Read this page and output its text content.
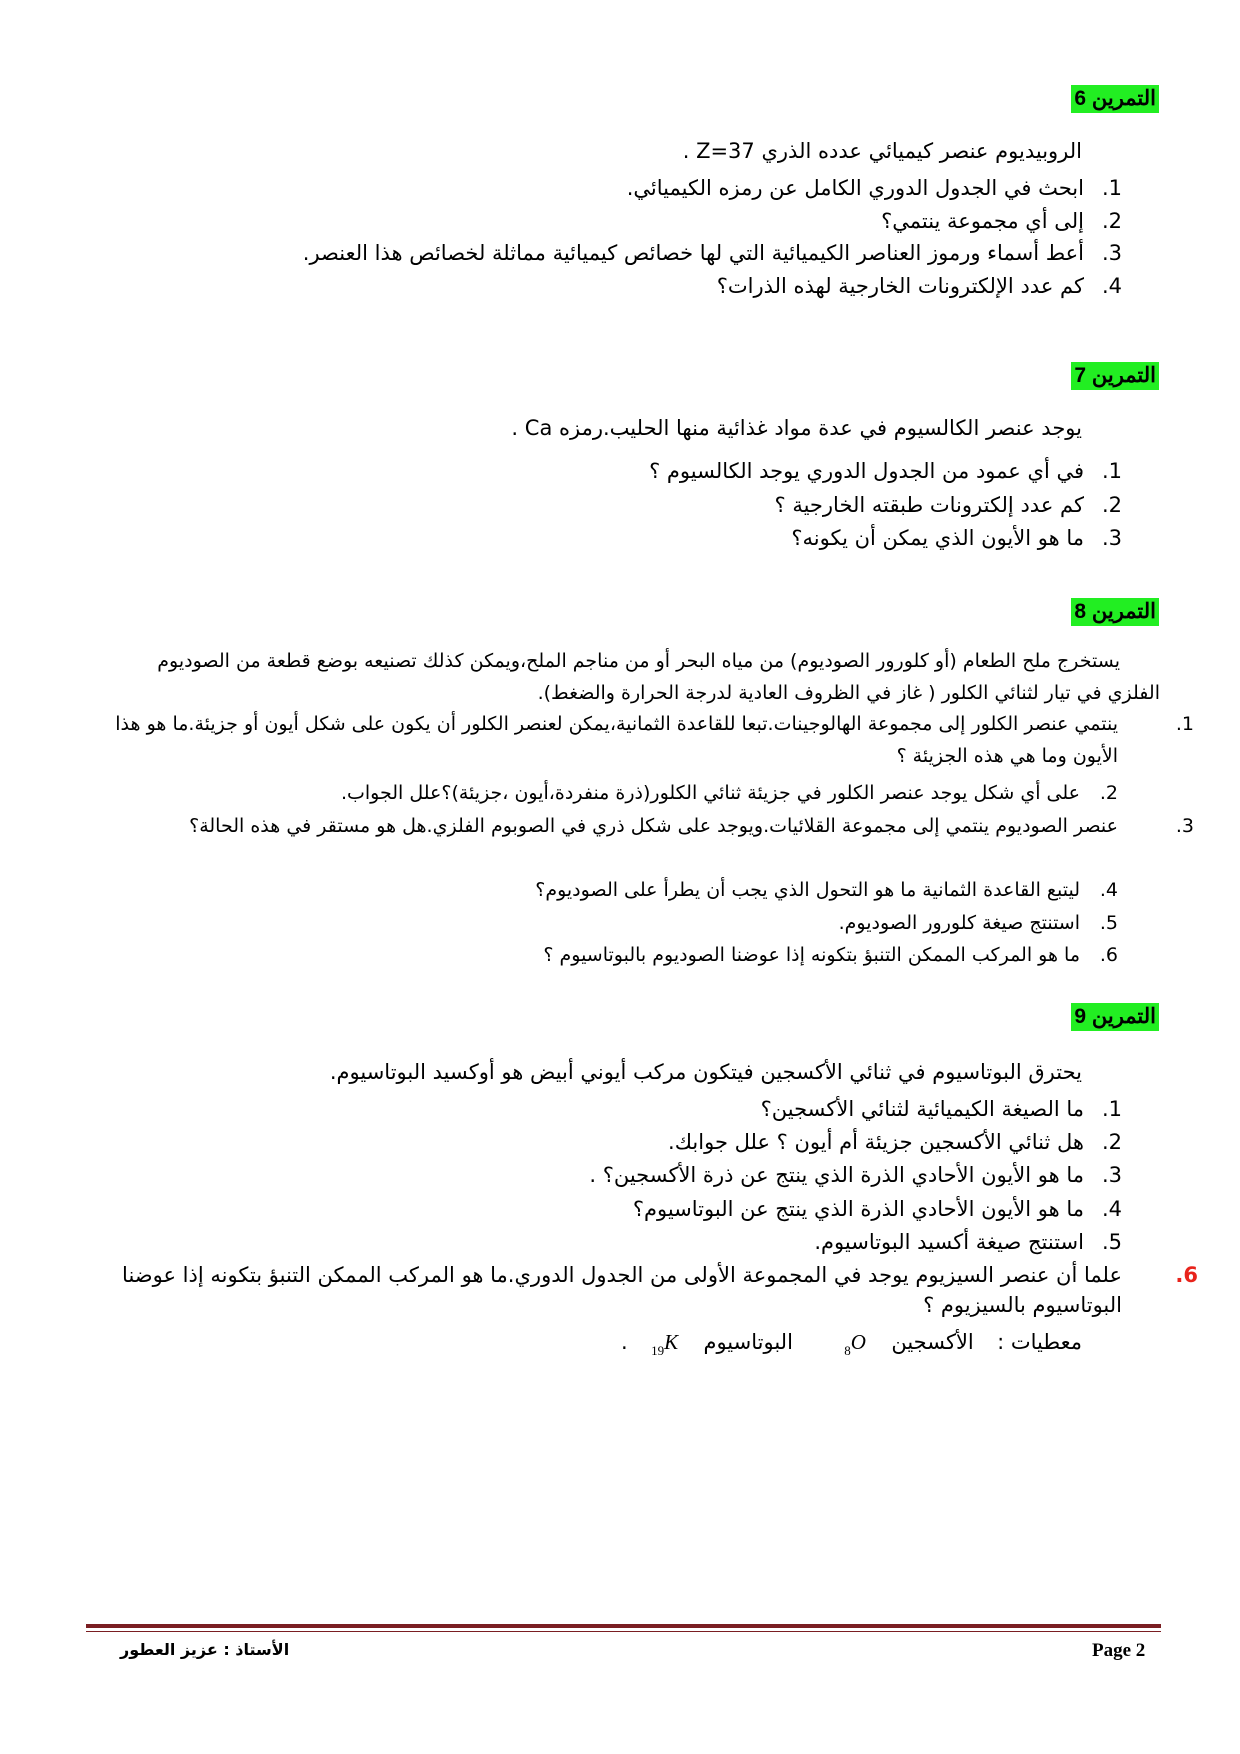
التمرين 6
الروبيديوم عنصر كيميائي عدده الذري Z=37 .
1.ابحث في الجدول الدوري الكامل عن رمزه الكيميائي.
2.إلى أي مجموعة ينتمي؟
3.أعط أسماء ورموز العناصر الكيميائية التي لها خصائص كيميائية مماثلة لخصائص هذا العنصر.
4.كم عدد الإلكترونات الخارجية لهذه الذرات؟
التمرين 7
يوجد عنصر الكالسيوم في عدة مواد غذائية منها الحليب.رمزه Ca .
1.في أي عمود من الجدول الدوري يوجد الكالسيوم ؟
2.كم عدد إلكترونات طبقته الخارجية ؟
3.ما هو الأيون الذي يمكن أن يكونه؟
التمرين 8
يستخرج ملح الطعام (أو كلورور الصوديوم) من مياه البحر أو من مناجم الملح،ويمكن كذلك تصنيعه بوضع قطعة من الصوديوم الفلزي في تيار لثنائي الكلور ( غاز في الظروف العادية لدرجة الحرارة والضغط).
1.ينتمي عنصر الكلور إلى مجموعة الهالوجينات.تبعا للقاعدة الثمانية،يمكن لعنصر الكلور أن يكون على شكل أيون أو جزيئة.ما هو هذا الأيون وما هي هذه الجزيئة ؟
2.على أي شكل يوجد عنصر الكلور في جزيئة ثنائي الكلور(ذرة منفردة،أيون ،جزيئة)؟علل الجواب.
3.عنصر الصوديوم ينتمي إلى مجموعة القلائيات.ويوجد على شكل ذري في الصوبوم الفلزي.هل هو مستقر في هذه الحالة؟
4.ليتبع القاعدة الثمانية ما هو التحول الذي يجب أن يطرأ على الصوديوم؟
5.استنتج صيغة كلورور الصوديوم.
6.ما هو المركب الممكن التنبؤ بتكونه إذا عوضنا الصوديوم بالبوتاسيوم ؟
التمرين 9
يحترق البوتاسيوم في ثنائي الأكسجين فيتكون مركب أيوني أبيض هو أوكسيد البوتاسيوم.
1.ما الصيغة الكيميائية لثنائي الأكسجين؟
2.هل ثنائي الأكسجين جزيئة أم أيون ؟ علل جوابك.
3.ما هو الأيون الأحادي الذرة الذي ينتج عن ذرة الأكسجين؟ .
4.ما هو الأيون الأحادي الذرة الذي ينتج عن البوتاسيوم؟
5.استنتج صيغة أكسيد البوتاسيوم.
6.علما أن عنصر السيزيوم يوجد في المجموعة الأولى من الجدول الدوري.ما هو المركب الممكن التنبؤ بتكونه إذا عوضنا البوتاسيوم بالسيزيوم ؟
معطيات :  الأكسجين  $_8$O  البوتاسيوم  $_{19}$K  .
Page 2
الأستاذ : عزيز العطور
